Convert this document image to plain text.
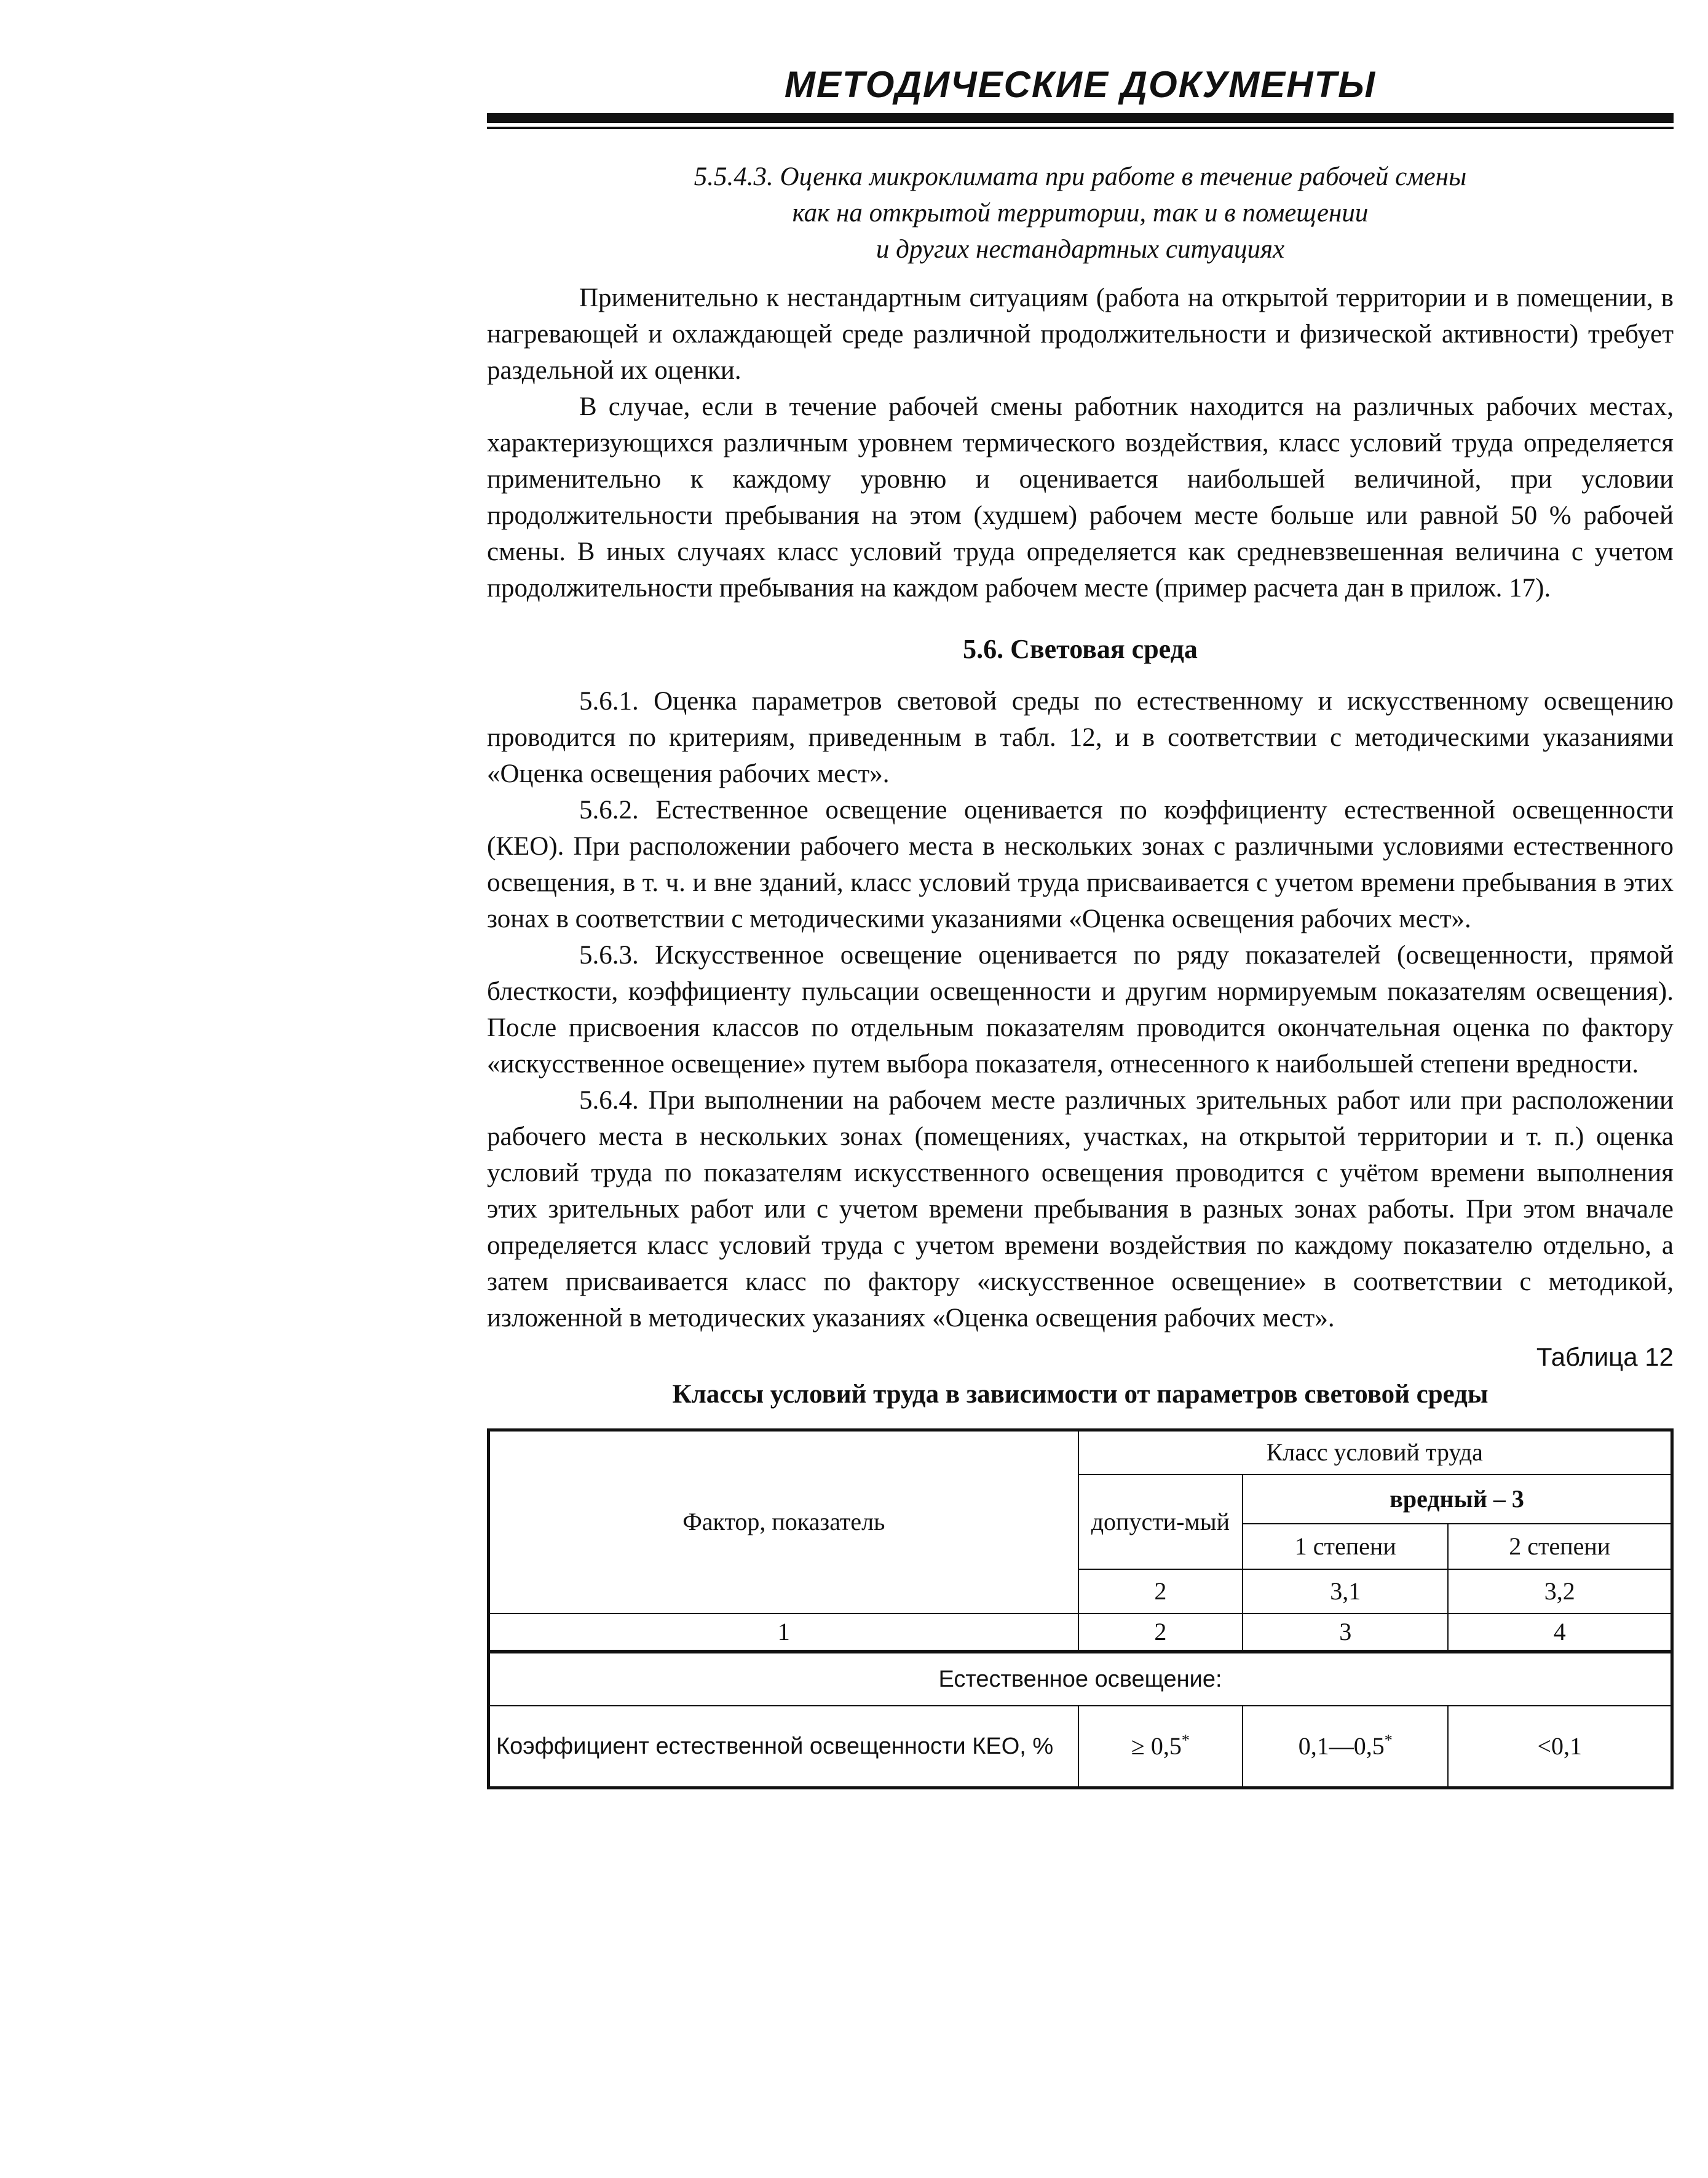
МЕТОДИЧЕСКИЕ ДОКУМЕНТЫ
5.5.4.3. Оценка микроклимата при работе в течение рабочей смены
как на открытой территории, так и в помещении
и других нестандартных ситуациях

Применительно к нестандартным ситуациям (работа на открытой территории и в помещении, в нагревающей и охлаждающей среде различной продолжительности и физической активности) требует раздельной их оценки.

В случае, если в течение рабочей смены работник находится на различных рабочих местах, характеризующихся различным уровнем термического воздействия, класс условий труда определяется применительно к каждому уровню и оценивается наибольшей величиной, при условии продолжительности пребывания на этом (худшем) рабочем месте больше или равной 50 % рабочей смены. В иных случаях класс условий труда определяется как средневзвешенная величина с учетом продолжительности пребывания на каждом рабочем месте (пример расчета дан в прилож. 17).

5.6. Световая среда

5.6.1. Оценка параметров световой среды по естественному и искусственному освещению проводится по критериям, приведенным в табл. 12, и в соответствии с методическими указаниями «Оценка освещения рабочих мест».

5.6.2. Естественное освещение оценивается по коэффициенту естественной освещенности (КЕО). При расположении рабочего места в нескольких зонах с различными условиями естественного освещения, в т. ч. и вне зданий, класс условий труда присваивается с учетом времени пребывания в этих зонах в соответствии с методическими указаниями «Оценка освещения рабочих мест».

5.6.3. Искусственное освещение оценивается по ряду показателей (освещенности, прямой блесткости, коэффициенту пульсации освещенности и другим нормируемым показателям освещения). После присвоения классов по отдельным показателям проводится окончательная оценка по фактору «искусственное освещение» путем выбора показателя, отнесенного к наибольшей степени вредности.

5.6.4. При выполнении на рабочем месте различных зрительных работ или при расположении рабочего места в нескольких зонах (помещениях, участках, на открытой территории и т. п.) оценка условий труда по показателям искусственного освещения проводится с учётом времени выполнения этих зрительных работ или с учетом времени пребывания в разных зонах работы. При этом вначале определяется класс условий труда с учетом времени воздействия по каждому показателю отдельно, а затем присваивается класс по фактору «искусственное освещение» в соответствии с методикой, изложенной в методических указаниях «Оценка освещения рабочих мест».

Таблица 12
Классы условий труда в зависимости от параметров световой среды
Фактор, показатель	Класс условий труда		
	допусти-мый	вредный – 3	
		1 степени	2 степени
	2	3,1	3,2
1	2	3	4
Естественное освещение:			
Коэффициент естественной освещенности КЕО, %	≥ 0,5*	0,1—0,5*	<0,1
